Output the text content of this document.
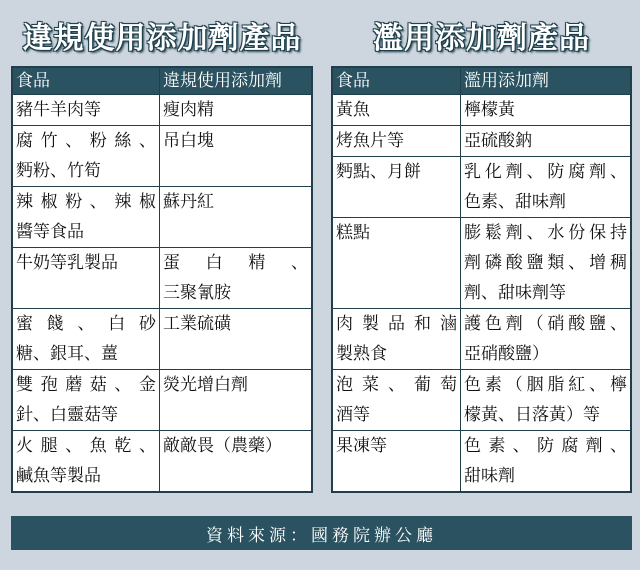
違規使用添加劑產品
食品	違規使用添加劑

豬牛羊肉等	瘦肉精

腐竹、粉絲、
麪粉、竹筍	吊白塊

辣椒粉、辣椒
醬等食品	蘇丹紅

牛奶等乳製品	蛋白精、
三聚氰胺

蜜餞、白砂
糖、銀耳、薑	工業硫磺

雙孢蘑菇、金
針、白靈菇等	熒光增白劑

火腿、魚乾、
鹹魚等製品	敵敵畏（農藥）
濫用添加劑產品
食品	濫用添加劑

黃魚	檸檬黃

烤魚片等	亞硫酸鈉

麪點、月餅	乳化劑、防腐劑、
色素、甜味劑

糕點	膨鬆劑、水份保持
劑磷酸鹽類、增稠
劑、甜味劑等

肉製品和滷
製熟食	護色劑（硝酸鹽、
亞硝酸鹽）

泡菜、葡萄
酒等	色素（胭脂紅、檸
檬黃、日落黃）等

果凍等	色素、防腐劑、
甜味劑
資料來源：國務院辦公廳
